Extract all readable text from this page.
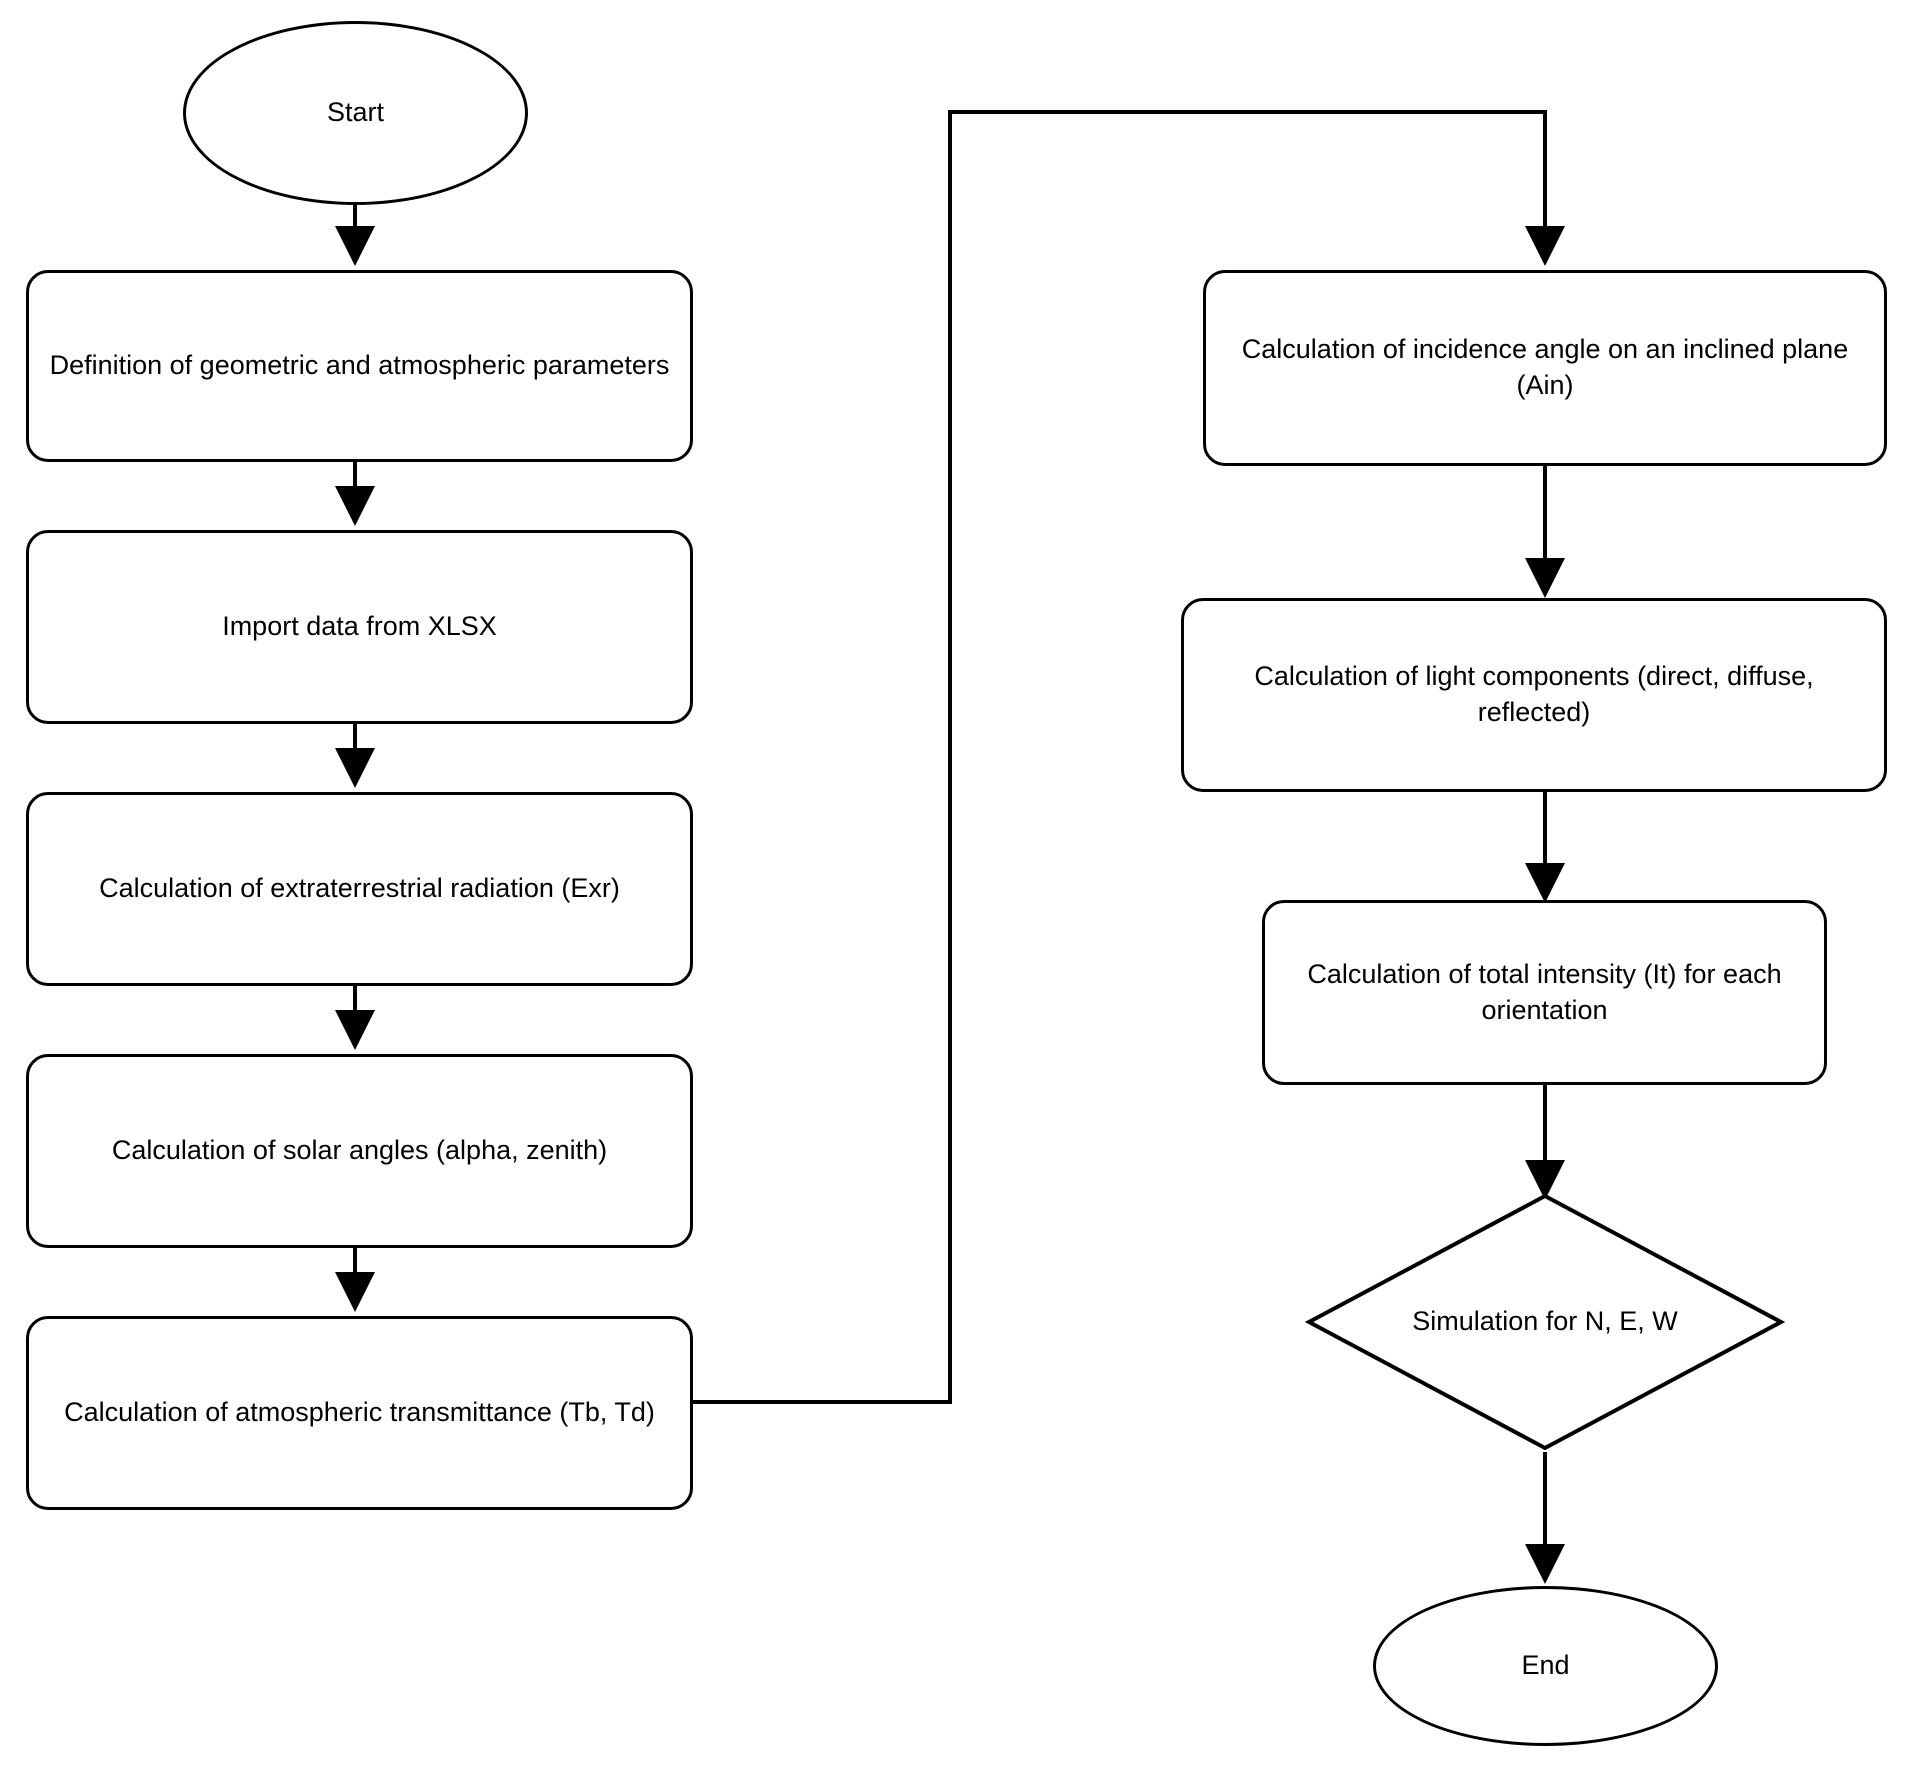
Start
Definition of geometric and atmospheric parameters
Import data from XLSX
Calculation of extraterrestrial radiation (Exr)
Calculation of solar angles (alpha, zenith)
Calculation of atmospheric transmittance (Tb, Td)
Calculation of incidence angle on an inclined plane (Ain)
Calculation of light components (direct, diffuse, reflected)
Calculation of total intensity (It) for each orientation
Simulation for N, E, W
End
